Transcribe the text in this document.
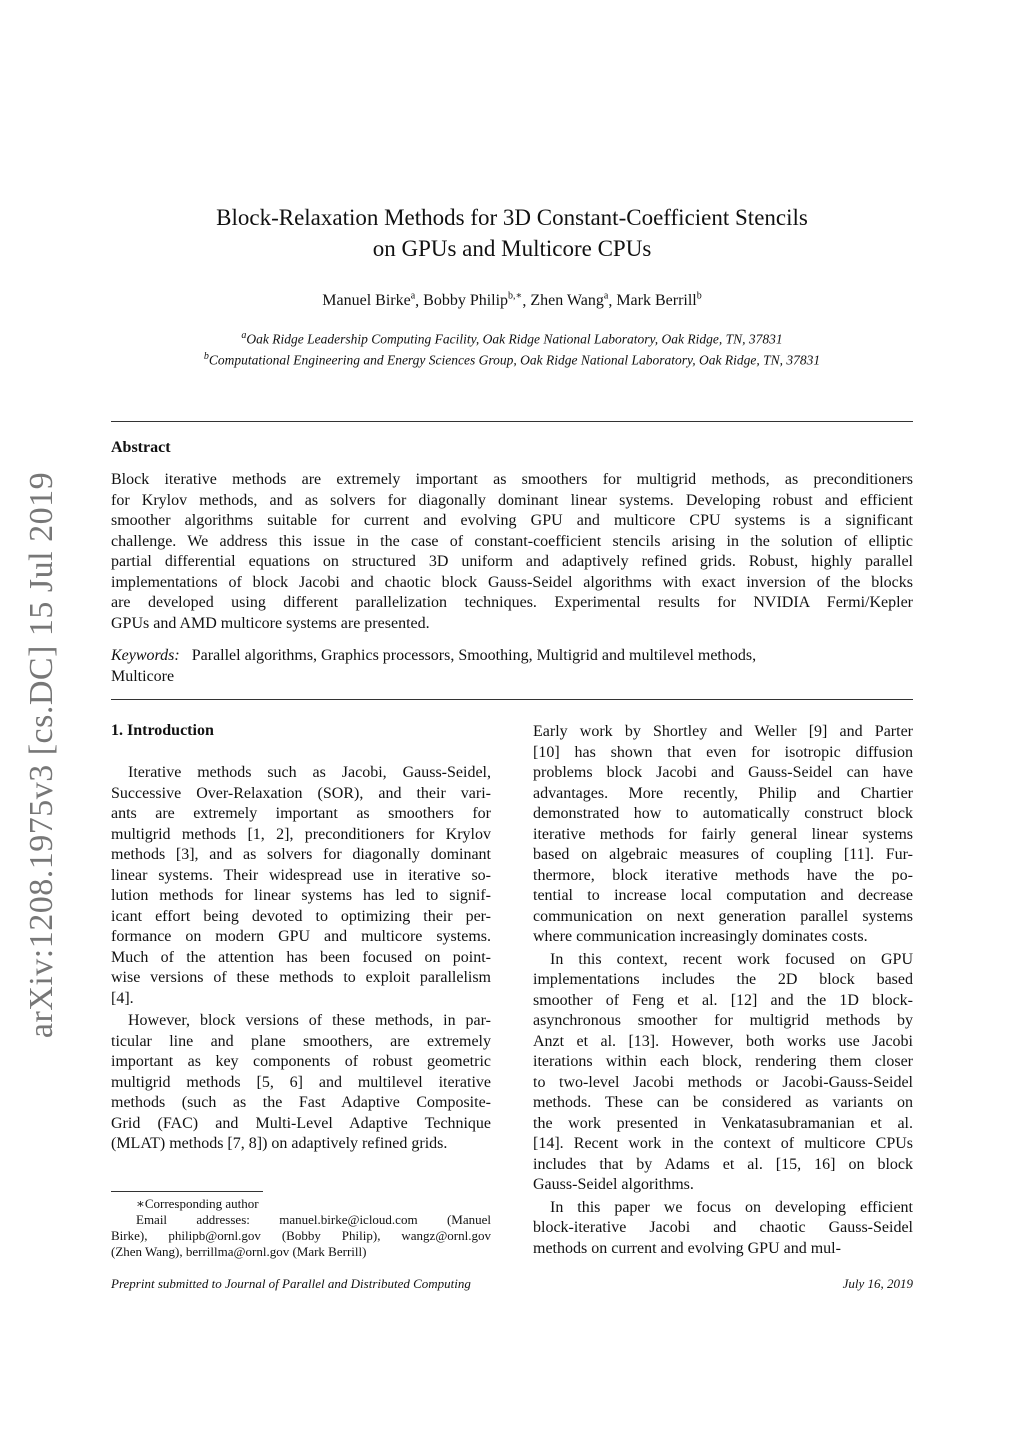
arXiv:1208.1975v3 [cs.DC] 15 Jul 2019
Block-Relaxation Methods for 3D Constant-Coefficient Stencils
on GPUs and Multicore CPUs
Manuel Birke$^a$, Bobby Philip$^{b,∗}$, Zhen Wang$^a$, Mark Berrill$^b$
$^a$Oak Ridge Leadership Computing Facility, Oak Ridge National Laboratory, Oak Ridge, TN, 37831
$^b$Computational Engineering and Energy Sciences Group, Oak Ridge National Laboratory, Oak Ridge, TN, 37831
Abstract
Block iterative methods are extremely important as smoothers for multigrid methods, as preconditioners
for Krylov methods, and as solvers for diagonally dominant linear systems. Developing robust and efficient
smoother algorithms suitable for current and evolving GPU and multicore CPU systems is a significant
challenge. We address this issue in the case of constant-coefficient stencils arising in the solution of elliptic
partial differential equations on structured 3D uniform and adaptively refined grids. Robust, highly parallel
implementations of block Jacobi and chaotic block Gauss-Seidel algorithms with exact inversion of the blocks
are developed using different parallelization techniques. Experimental results for NVIDIA Fermi/Kepler
GPUs and AMD multicore systems are presented.
Keywords: Parallel algorithms, Graphics processors, Smoothing, Multigrid and multilevel methods,
Multicore
1. Introduction
Iterative methods such as Jacobi, Gauss-Seidel,
Successive Over-Relaxation (SOR), and their vari-
ants are extremely important as smoothers for
multigrid methods [1, 2], preconditioners for Krylov
methods [3], and as solvers for diagonally dominant
linear systems. Their widespread use in iterative so-
lution methods for linear systems has led to signif-
icant effort being devoted to optimizing their per-
formance on modern GPU and multicore systems.
Much of the attention has been focused on point-
wise versions of these methods to exploit parallelism
[4].
However, block versions of these methods, in par-
ticular line and plane smoothers, are extremely
important as key components of robust geometric
multigrid methods [5, 6] and multilevel iterative
methods (such as the Fast Adaptive Composite-
Grid (FAC) and Multi-Level Adaptive Technique
(MLAT) methods [7, 8]) on adaptively refined grids.
Early work by Shortley and Weller [9] and Parter
[10] has shown that even for isotropic diffusion
problems block Jacobi and Gauss-Seidel can have
advantages. More recently, Philip and Chartier
demonstrated how to automatically construct block
iterative methods for fairly general linear systems
based on algebraic measures of coupling [11]. Fur-
thermore, block iterative methods have the po-
tential to increase local computation and decrease
communication on next generation parallel systems
where communication increasingly dominates costs.
In this context, recent work focused on GPU
implementations includes the 2D block based
smoother of Feng et al. [12] and the 1D block-
asynchronous smoother for multigrid methods by
Anzt et al. [13]. However, both works use Jacobi
iterations within each block, rendering them closer
to two-level Jacobi methods or Jacobi-Gauss-Seidel
methods. These can be considered as variants on
the work presented in Venkatasubramanian et al.
[14]. Recent work in the context of multicore CPUs
includes that by Adams et al. [15, 16] on block
Gauss-Seidel algorithms.
In this paper we focus on developing efficient
block-iterative Jacobi and chaotic Gauss-Seidel
methods on current and evolving GPU and mul-
∗Corresponding author
Email addresses: manuel.birke@icloud.com (Manuel
Birke), philipb@ornl.gov (Bobby Philip), wangz@ornl.gov
(Zhen Wang), berrillma@ornl.gov (Mark Berrill)
Preprint submitted to Journal of Parallel and Distributed Computing	July 16, 2019
